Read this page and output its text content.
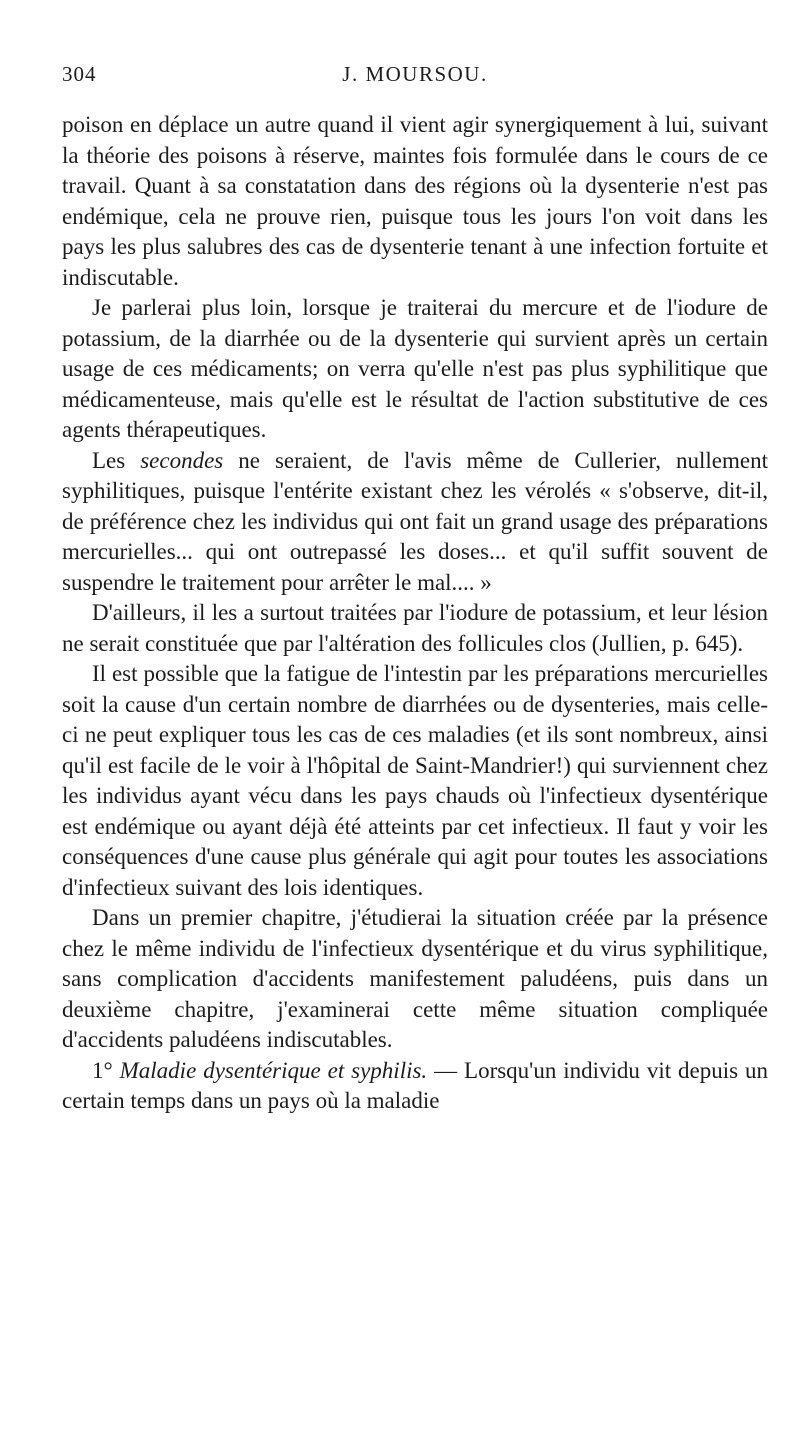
304	J. MOURSOU.

poison en déplace un autre quand il vient agir synergiquement à lui, suivant la théorie des poisons à réserve, maintes fois formulée dans le cours de ce travail. Quant à sa constatation dans des régions où la dysenterie n'est pas endémique, cela ne prouve rien, puisque tous les jours l'on voit dans les pays les plus salubres des cas de dysenterie tenant à une infection fortuite et indiscutable.

Je parlerai plus loin, lorsque je traiterai du mercure et de l'iodure de potassium, de la diarrhée ou de la dysenterie qui survient après un certain usage de ces médicaments; on verra qu'elle n'est pas plus syphilitique que médicamenteuse, mais qu'elle est le résultat de l'action substitutive de ces agents thérapeutiques.

Les secondes ne seraient, de l'avis même de Cullerier, nullement syphilitiques, puisque l'entérite existant chez les vérolés « s'observe, dit-il, de préférence chez les individus qui ont fait un grand usage des préparations mercurielles... qui ont outrepassé les doses... et qu'il suffit souvent de suspendre le traitement pour arrêter le mal.... »

D'ailleurs, il les a surtout traitées par l'iodure de potassium, et leur lésion ne serait constituée que par l'altération des follicules clos (Jullien, p. 645).

Il est possible que la fatigue de l'intestin par les préparations mercurielles soit la cause d'un certain nombre de diarrhées ou de dysenteries, mais celle-ci ne peut expliquer tous les cas de ces maladies (et ils sont nombreux, ainsi qu'il est facile de le voir à l'hôpital de Saint-Mandrier!) qui surviennent chez les individus ayant vécu dans les pays chauds où l'infectieux dysentérique est endémique ou ayant déjà été atteints par cet infectieux. Il faut y voir les conséquences d'une cause plus générale qui agit pour toutes les associations d'infectieux suivant des lois identiques.

Dans un premier chapitre, j'étudierai la situation créée par la présence chez le même individu de l'infectieux dysentérique et du virus syphilitique, sans complication d'accidents manifestement paludéens, puis dans un deuxième chapitre, j'examinerai cette même situation compliquée d'accidents paludéens indiscutables.

1° Maladie dysentérique et syphilis. — Lorsqu'un individu vit depuis un certain temps dans un pays où la maladie
